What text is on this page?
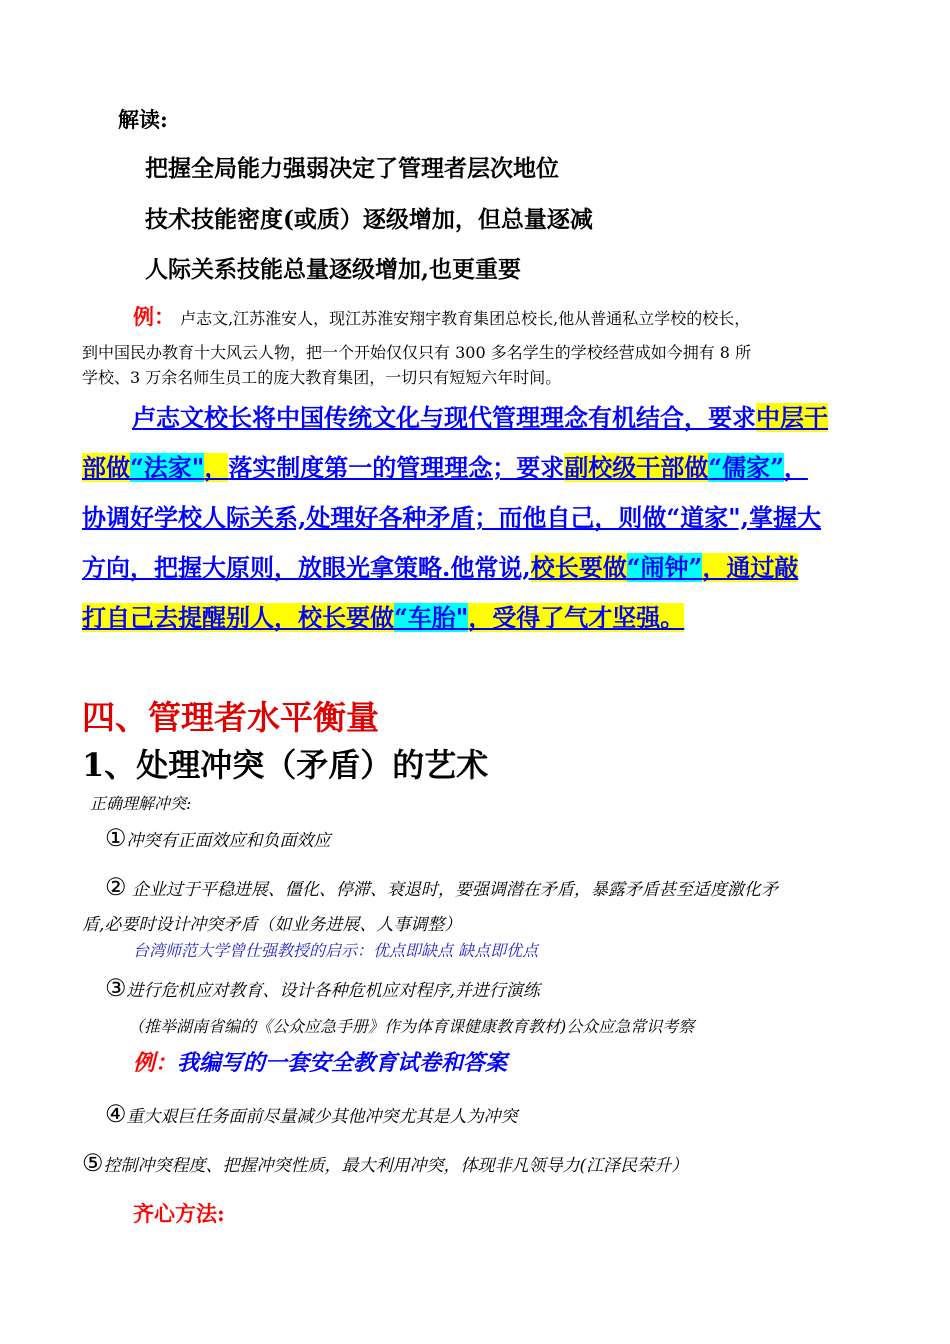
解读:
把握全局能力强弱决定了管理者层次地位
技术技能密度(或质）逐级增加，但总量逐减
人际关系技能总量逐级增加,也更重要
例： 卢志文,江苏淮安人，现江苏淮安翔宇教育集团总校长,他从普通私立学校的校长，
到中国民办教育十大风云人物，把一个开始仅仅只有 300 多名学生的学校经营成如今拥有 8 所
学校、3 万余名师生员工的庞大教育集团，一切只有短短六年时间。
卢志文校长将中国传统文化与现代管理理念有机结合，要求中层干
部做“法家"，落实制度第一的管理理念；要求副校级干部做“儒家”，
协调好学校人际关系,处理好各种矛盾；而他自己，则做“道家",掌握大
方向，把握大原则，放眼光拿策略.他常说,校长要做“闹钟”，通过敲
打自己去提醒别人，校长要做“车胎"，受得了气才坚强。
四、管理者水平衡量
1、处理冲突（矛盾）的艺术
正确理解冲突:
①冲突有正面效应和负面效应
② 企业过于平稳进展、僵化、停滞、衰退时，要强调潜在矛盾，暴露矛盾甚至适度激化矛
盾,必要时设计冲突矛盾（如业务进展、人事调整）
台湾师范大学曾仕强教授的启示：优点即缺点 缺点即优点
③进行危机应对教育、设计各种危机应对程序,并进行演练
（推举湖南省编的《公众应急手册》作为体育课健康教育教材)公众应急常识考察
例：我编写的一套安全教育试卷和答案
④重大艰巨任务面前尽量减少其他冲突尤其是人为冲突
⑤控制冲突程度、把握冲突性质，最大利用冲突，体现非凡领导力(江泽民荣升）
齐心方法:
